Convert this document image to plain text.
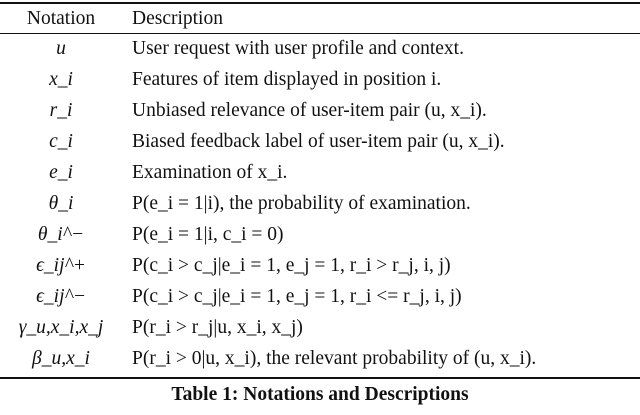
Notation	Description
u	User request with user profile and context.
x_i	Features of item displayed in position i.
r_i	Unbiased relevance of user-item pair (u, x_i).
c_i	Biased feedback label of user-item pair (u, x_i).
e_i	Examination of x_i.
θ_i	P(e_i = 1|i), the probability of examination.
θ_i^−	P(e_i = 1|i, c_i = 0)
ϵ_ij^+	P(c_i > c_j|e_i = 1, e_j = 1, r_i > r_j, i, j)
ϵ_ij^−	P(c_i > c_j|e_i = 1, e_j = 1, r_i <= r_j, i, j)
γ_u,x_i,x_j	P(r_i > r_j|u, x_i, x_j)
β_u,x_i	P(r_i > 0|u, x_i), the relevant probability of (u, x_i).
Table 1: Notations and Descriptions
